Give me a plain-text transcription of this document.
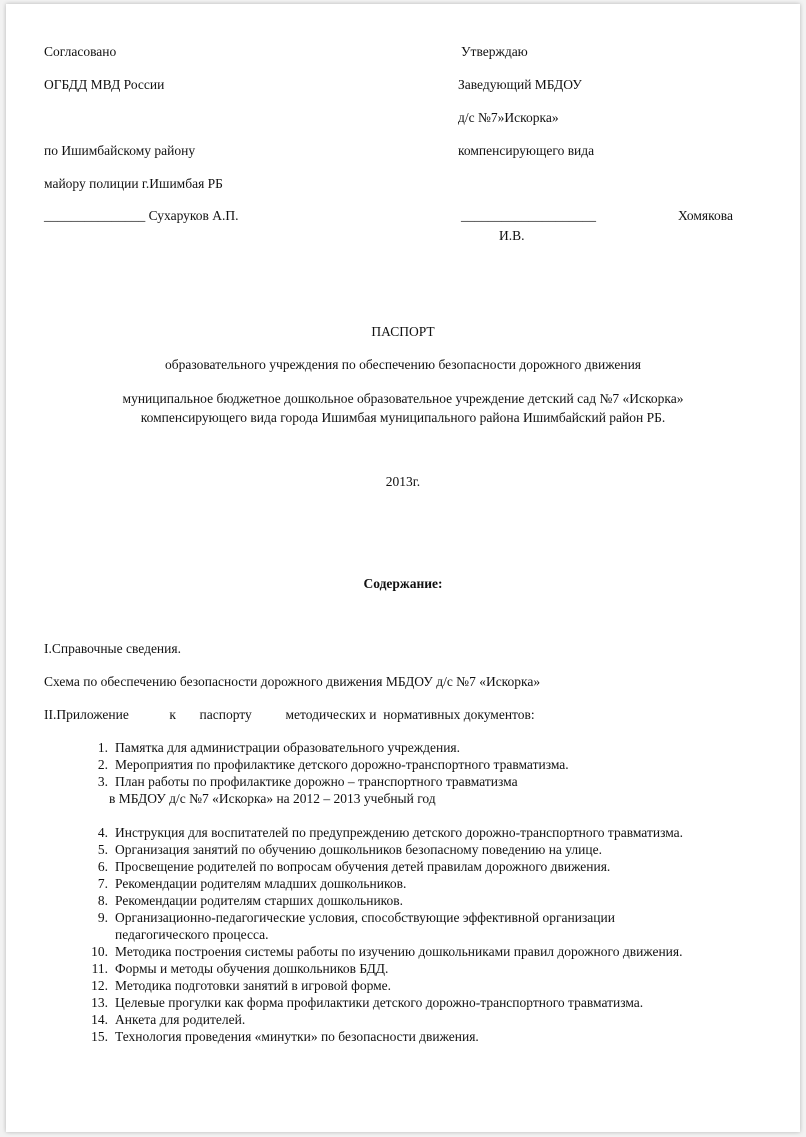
Согласовано
ОГБДД МВД России
по Ишимбайскому району
майору полиции г.Ишимбая РБ
_______________ Сухаруков А.П.
Утверждаю
Заведующий МБДОУ
д/с №7»Искорка»
компенсирующего вида
____________________	Хомякова
И.В.
ПАСПОРТ
образовательного учреждения по обеспечению безопасности дорожного движения
муниципальное бюджетное дошкольное образовательное учреждение детский сад №7 «Искорка»
компенсирующего вида города Ишимбая муниципального района Ишимбайский район РБ.
2013г.
Содержание:
I.Справочные сведения.
Схема по обеспечению безопасности дорожного движения МБДОУ д/с №7 «Искорка»
II.Приложение            к       паспорту          методических и  нормативных документов:
1. Памятка для администрации образовательного учреждения.
2. Мероприятия по профилактике детского дорожно-транспортного травматизма.
3. План работы по профилактике дорожно – транспортного травматизма
в МБДОУ д/с №7 «Искорка» на 2012 – 2013 учебный год
4. Инструкция для воспитателей по предупреждению детского дорожно-транспортного травматизма.
5. Организация занятий по обучению дошкольников безопасному поведению на улице.
6. Просвещение родителей по вопросам обучения детей правилам дорожного движения.
7. Рекомендации родителям младших дошкольников.
8. Рекомендации родителям старших дошкольников.
9. Организационно-педагогические условия, способствующие эффективной организации
педагогического процесса.
10. Методика построения системы работы по изучению дошкольниками правил дорожного движения.
11. Формы и методы обучения дошкольников БДД.
12. Методика подготовки занятий в игровой форме.
13. Целевые прогулки как форма профилактики детского дорожно-транспортного травматизма.
14. Анкета для родителей.
15. Технология проведения «минутки» по безопасности движения.
